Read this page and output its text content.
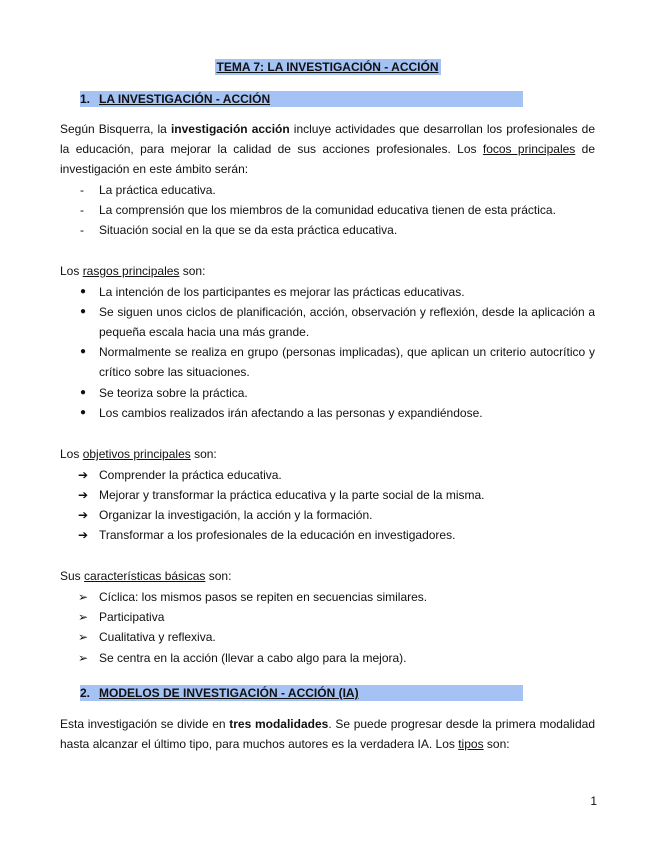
TEMA 7: LA INVESTIGACIÓN - ACCIÓN
1. LA INVESTIGACIÓN - ACCIÓN
Según Bisquerra, la investigación acción incluye actividades que desarrollan los profesionales de la educación, para mejorar la calidad de sus acciones profesionales. Los focos principales de investigación en este ámbito serán:
-	La práctica educativa.
-	La comprensión que los miembros de la comunidad educativa tienen de esta práctica.
-	Situación social en la que se da esta práctica educativa.
Los rasgos principales son:
●	La intención de los participantes es mejorar las prácticas educativas.
●	Se siguen unos ciclos de planificación, acción, observación y reflexión, desde la aplicación a pequeña escala hacia una más grande.
●	Normalmente se realiza en grupo (personas implicadas), que aplican un criterio autocrítico y crítico sobre las situaciones.
●	Se teoriza sobre la práctica.
●	Los cambios realizados irán afectando a las personas y expandiéndose.
Los objetivos principales son:
➔ Comprender la práctica educativa.
➔ Mejorar y transformar la práctica educativa y la parte social de la misma.
➔ Organizar la investigación, la acción y la formación.
➔ Transformar a los profesionales de la educación en investigadores.
Sus características básicas son:
➢ Cíclica: los mismos pasos se repiten en secuencias similares.
➢ Participativa
➢ Cualitativa y reflexiva.
➢ Se centra en la acción (llevar a cabo algo para la mejora).
2. MODELOS DE INVESTIGACIÓN - ACCIÓN (IA)
Esta investigación se divide en tres modalidades. Se puede progresar desde la primera modalidad hasta alcanzar el último tipo, para muchos autores es la verdadera IA. Los tipos son:
1
